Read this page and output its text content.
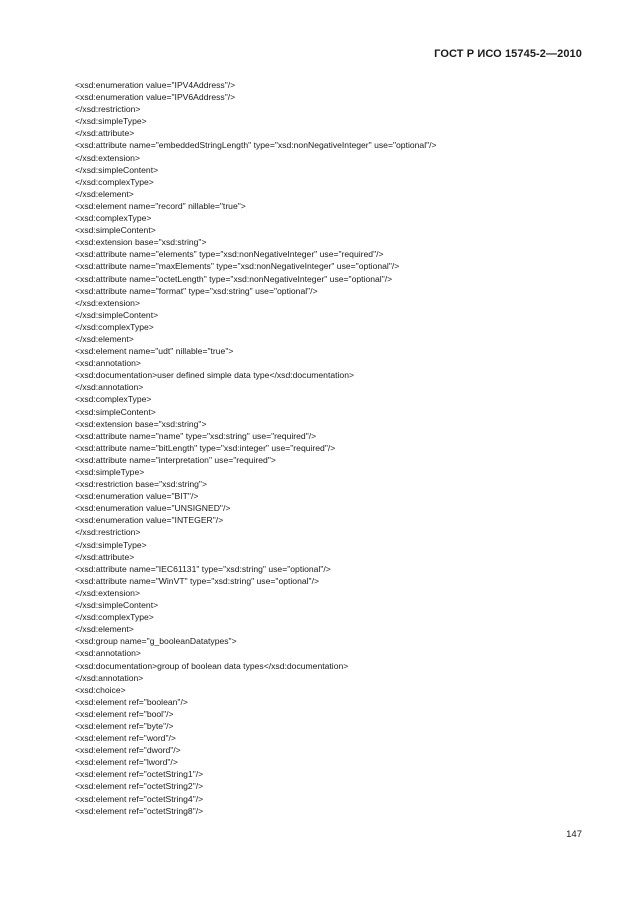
ГОСТ Р ИСО 15745-2—2010
<xsd:enumeration value="IPV4Address"/>
<xsd:enumeration value="IPV6Address"/>
</xsd:restriction>
</xsd:simpleType>
</xsd:attribute>
<xsd:attribute name="embeddedStringLength" type="xsd:nonNegativeInteger" use="optional"/>
</xsd:extension>
</xsd:simpleContent>
</xsd:complexType>
</xsd:element>
<xsd:element name="record" nillable="true">
<xsd:complexType>
<xsd:simpleContent>
<xsd:extension base="xsd:string">
<xsd:attribute name="elements" type="xsd:nonNegativeInteger" use="required"/>
<xsd:attribute name="maxElements" type="xsd:nonNegativeInteger" use="optional"/>
<xsd:attribute name="octetLength" type="xsd:nonNegativeInteger" use="optional"/>
<xsd:attribute name="format" type="xsd:string" use="optional"/>
</xsd:extension>
</xsd:simpleContent>
</xsd:complexType>
</xsd:element>
<xsd:element name="udt" nillable="true">
<xsd:annotation>
<xsd:documentation>user defined simple data type</xsd:documentation>
</xsd:annotation>
<xsd:complexType>
<xsd:simpleContent>
<xsd:extension base="xsd:string">
<xsd:attribute name="name" type="xsd:string" use="required"/>
<xsd:attribute name="bitLength" type="xsd:integer" use="required"/>
<xsd:attribute name="interpretation" use="required">
<xsd:simpleType>
<xsd:restriction base="xsd:string">
<xsd:enumeration value="BIT"/>
<xsd:enumeration value="UNSIGNED"/>
<xsd:enumeration value="INTEGER"/>
</xsd:restriction>
</xsd:simpleType>
</xsd:attribute>
<xsd:attribute name="IEC61131" type="xsd:string" use="optional"/>
<xsd:attribute name="WinVT" type="xsd:string" use="optional"/>
</xsd:extension>
</xsd:simpleContent>
</xsd:complexType>
</xsd:element>
<xsd:group name="g_booleanDatatypes">
<xsd:annotation>
<xsd:documentation>group of boolean data types</xsd:documentation>
</xsd:annotation>
<xsd:choice>
<xsd:element ref="boolean"/>
<xsd:element ref="bool"/>
<xsd:element ref="byte"/>
<xsd:element ref="word"/>
<xsd:element ref="dword"/>
<xsd:element ref="lword"/>
<xsd:element ref="octetString1"/>
<xsd:element ref="octetString2"/>
<xsd:element ref="octetString4"/>
<xsd:element ref="octetString8"/>
147
